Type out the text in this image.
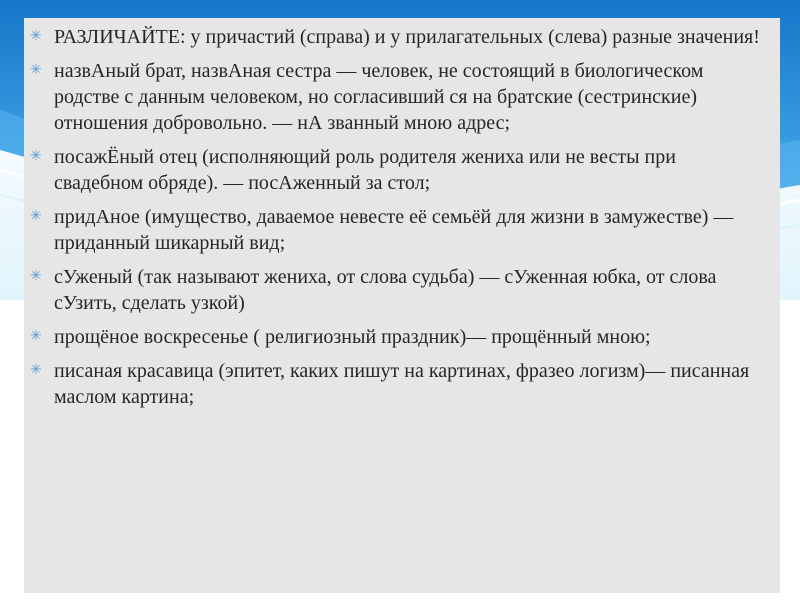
✳ РАЗЛИЧАЙТЕ: у причастий (справа) и у прилагательных (слева) разные значения!
✳ назвАный брат, назвАная сестра — человек, не состоящий в биологическом родстве с данным человеком, но согласивший ся на братские (сестринские) отношения добровольно. — нА званный мною адрес;
✳ посажЁный отец (исполняющий роль родителя жениха или не весты при свадебном обряде). — посАженный за стол;
✳ придАное (имущество, даваемое невесте её семьёй для жизни в замужестве) — приданный шикарный вид;
✳ сУженый (так называют жениха, от слова судьба) — сУженная юбка, от слова сУзить, сделать узкой)
✳ прощёное воскресенье ( религиозный праздник)— прощённый мною;
✳ писаная красавица (эпитет, каких пишут на картинах, фразео логизм)— писанная маслом картина;
